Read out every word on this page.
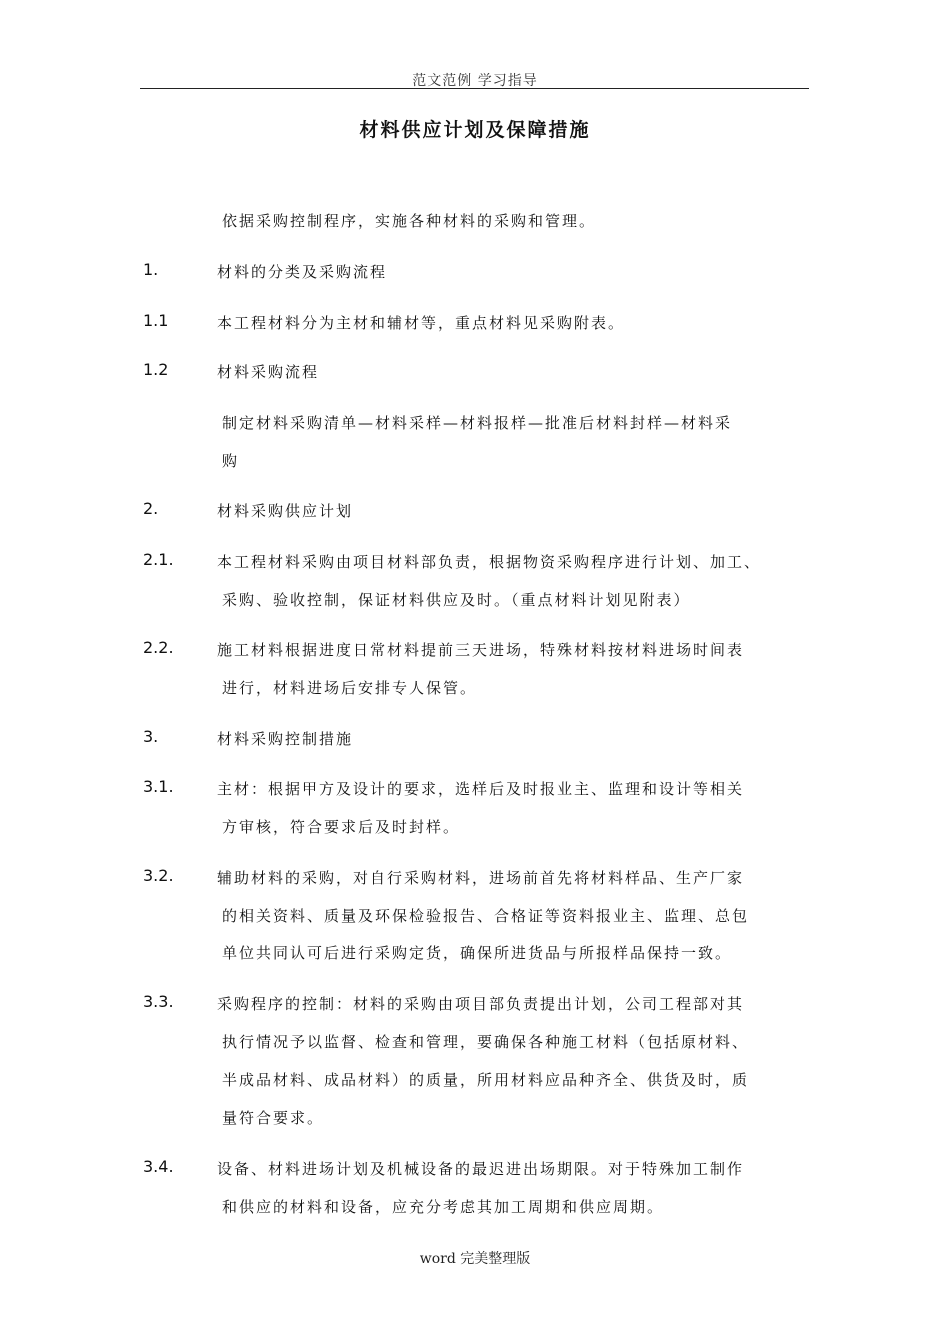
范文范例 学习指导
材料供应计划及保障措施
依据采购控制程序，实施各种材料的采购和管理。
1.	材料的分类及采购流程
1.1	本工程材料分为主材和辅材等，重点材料见采购附表。
1.2	材料采购流程
制定材料采购清单—材料采样—材料报样—批准后材料封样—材料采
购
2.	材料采购供应计划
2.1.	本工程材料采购由项目材料部负责，根据物资采购程序进行计划、加工、
采购、验收控制，保证材料供应及时。（重点材料计划见附表）
2.2.	施工材料根据进度日常材料提前三天进场，特殊材料按材料进场时间表
进行，材料进场后安排专人保管。
3.	材料采购控制措施
3.1.	主材：根据甲方及设计的要求，选样后及时报业主、监理和设计等相关
方审核，符合要求后及时封样。
3.2.	辅助材料的采购，对自行采购材料，进场前首先将材料样品、生产厂家
的相关资料、质量及环保检验报告、合格证等资料报业主、监理、总包
单位共同认可后进行采购定货，确保所进货品与所报样品保持一致。
3.3.	采购程序的控制：材料的采购由项目部负责提出计划，公司工程部对其
执行情况予以监督、检查和管理，要确保各种施工材料（包括原材料、
半成品材料、成品材料）的质量，所用材料应品种齐全、供货及时，质
量符合要求。
3.4.	设备、材料进场计划及机械设备的最迟进出场期限。对于特殊加工制作
和供应的材料和设备，应充分考虑其加工周期和供应周期。
word 完美整理版
